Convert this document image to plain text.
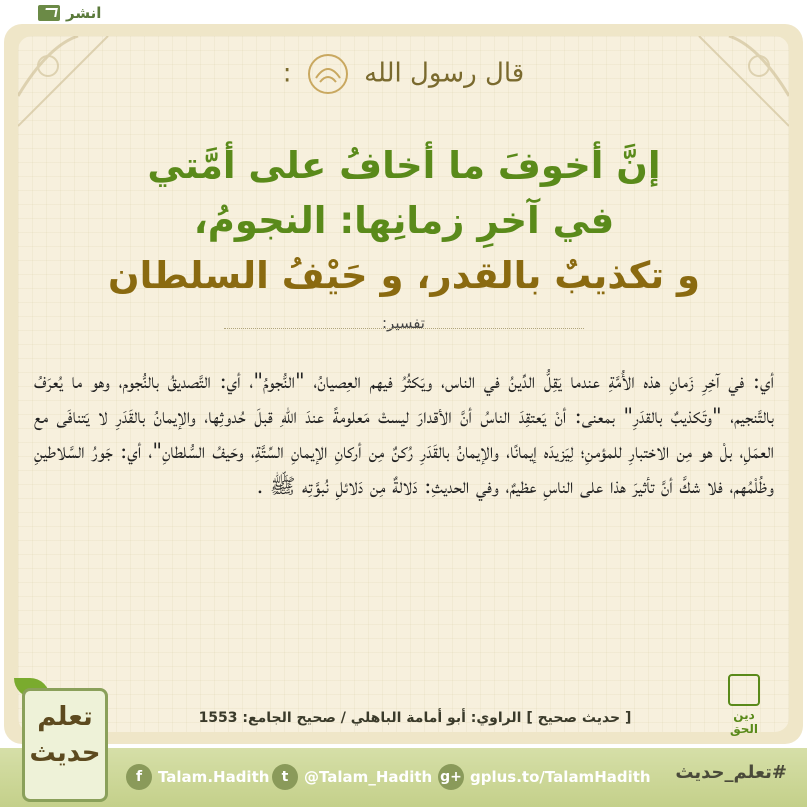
انشر
قال رسول الله  :
إنَّ أخوفَ ما أخافُ على أمَّتي
في آخرِ زمانِها: النجومُ،
و تكذيبٌ بالقدر، و حَيْفُ السلطان
تفسير:
أي: في آخِرِ زَمانِ هذه الأُمَّةِ عندما يَقِلُّ الدِّينُ في الناس، ويَكثُرُ فيهم العِصيانُ، "النُّجومُ"، أي: التَّصديقُ بالنُّجوم، وهو ما يُعرَفُ بالتَّنجيم، "وتَكذيبٌ بالقدَرِ" بمعنى: أنْ يَعتقِدَ الناسُ أنَّ الأقدارَ ليستْ مَعلومةً عندَ اللهِ قبلَ حُدوثِها، والإيمانُ بالقَدَرِ لا يَتنافَى مع العمَلِ، بلْ هو مِن الاختبارِ للمؤمنِ؛ لِيَزيدَه إيمانًا، والإيمانُ بالقَدَرِ رُكنٌ مِن أركانِ الإيمانِ السِّتَّةِ، وحَيفُ السُّلطانِ"، أي: جَورُ السَّلاطينِ وظُلْمُهم، فلا شكَّ أنَّ تأثيرَ هذا على الناسِ عظيمٌ، وفي الحديثِ: دَلالةٌ مِن دَلائلِ نُبوَّتِه ﷺ .
[ حديث صحيح ] الراوي: أبو أمامة الباهلي / صحيح الجامع: 1553	دين الحق
تعلم
حديث
f	Talam.Hadith t	@Talam_Hadith g+ gplus.to/TalamHadith #تعلم_حديث
